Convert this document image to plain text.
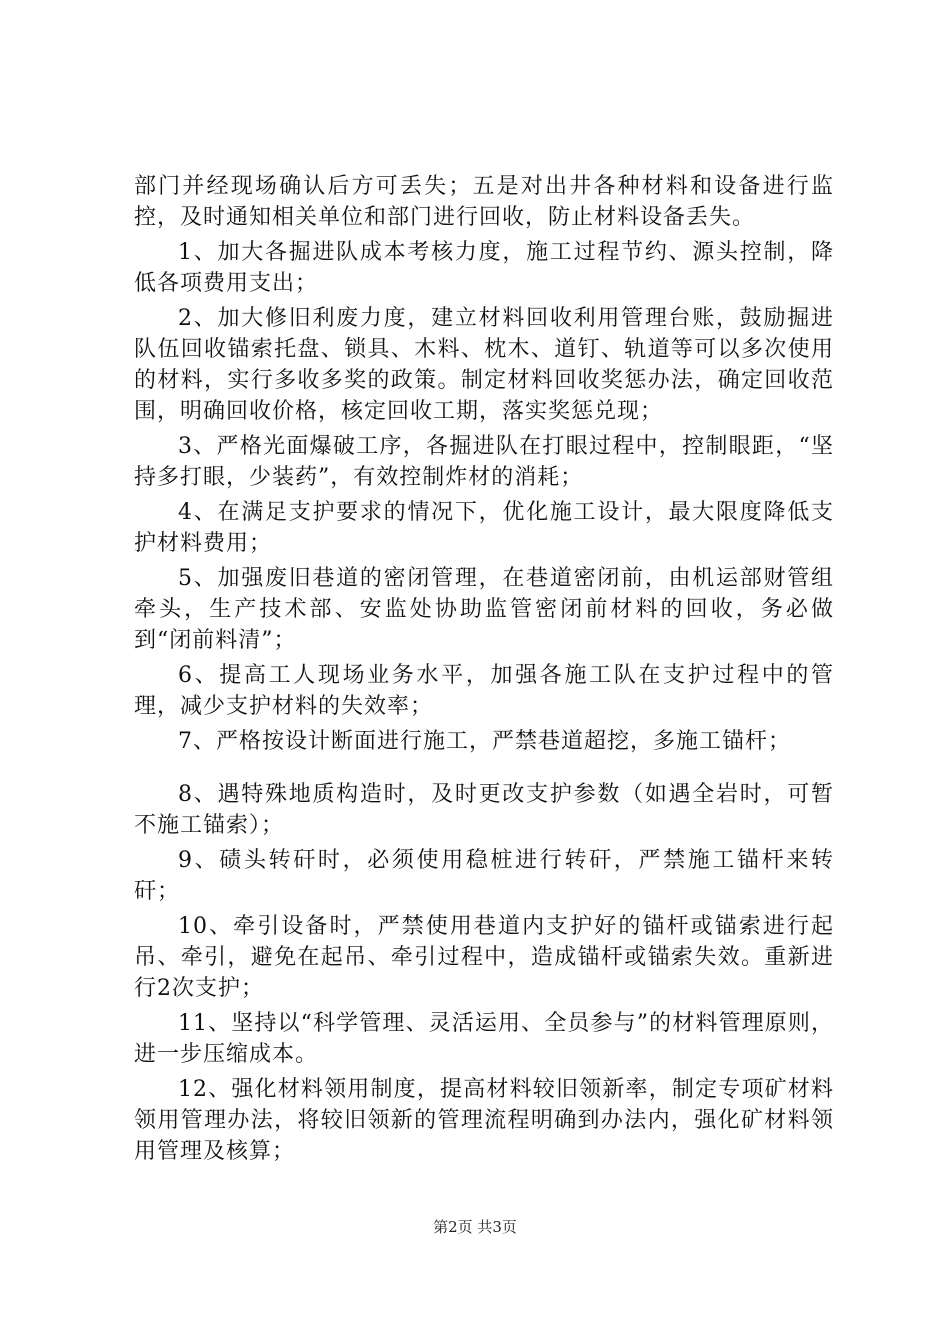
部门并经现场确认后方可丢失；五是对出井各种材料和设备进行监控，及时通知相关单位和部门进行回收，防止材料设备丢失。

1、加大各掘进队成本考核力度，施工过程节约、源头控制，降低各项费用支出；

2、加大修旧利废力度，建立材料回收利用管理台账，鼓励掘进队伍回收锚索托盘、锁具、木料、枕木、道钉、轨道等可以多次使用的材料，实行多收多奖的政策。制定材料回收奖惩办法，确定回收范围，明确回收价格，核定回收工期，落实奖惩兑现；

3、严格光面爆破工序，各掘进队在打眼过程中，控制眼距，“坚持多打眼，少装药”，有效控制炸材的消耗；

4、在满足支护要求的情况下，优化施工设计，最大限度降低支护材料费用；

5、加强废旧巷道的密闭管理，在巷道密闭前，由机运部财管组牵头，生产技术部、安监处协助监管密闭前材料的回收，务必做到“闭前料清”；

6、提高工人现场业务水平，加强各施工队在支护过程中的管理，减少支护材料的失效率；

7、严格按设计断面进行施工，严禁巷道超挖，多施工锚杆；

8、遇特殊地质构造时，及时更改支护参数（如遇全岩时，可暂不施工锚索）；

9、碛头转矸时，必须使用稳桩进行转矸，严禁施工锚杆来转矸；

10、牵引设备时，严禁使用巷道内支护好的锚杆或锚索进行起吊、牵引，避免在起吊、牵引过程中，造成锚杆或锚索失效。重新进行2次支护；

11、坚持以“科学管理、灵活运用、全员参与”的材料管理原则，进一步压缩成本。

12、强化材料领用制度，提高材料较旧领新率，制定专项矿材料领用管理办法，将较旧领新的管理流程明确到办法内，强化矿材料领用管理及核算；

第2页 共3页
